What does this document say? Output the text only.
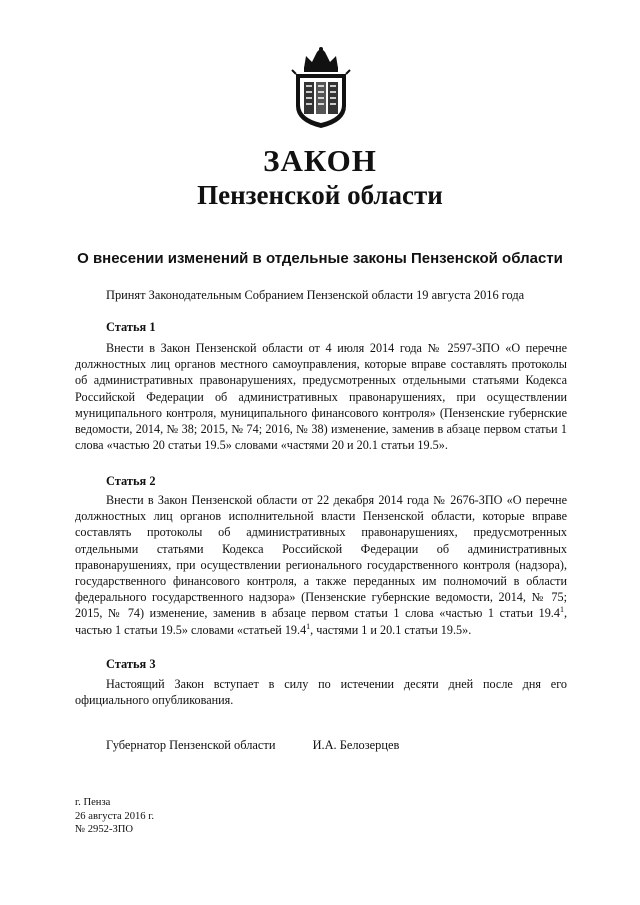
ЗАКОН
Пензенской области
О внесении изменений в отдельные законы Пензенской области
Принят Законодательным Собранием Пензенской области 19 августа 2016 года
Статья 1

Внести в Закон Пензенской области от 4 июля 2014 года № 2597-ЗПО «О перечне должностных лиц органов местного самоуправления, которые вправе составлять протоколы об административных правонарушениях, предусмотренных отдельными статьями Кодекса Российской Федерации об административных правонарушениях, при осуществлении муниципального контроля, муниципального финансового контроля» (Пензенские губернские ведомости, 2014, № 38; 2015, № 74; 2016, № 38) изменение, заменив в абзаце первом статьи 1 слова «частью 20 статьи 19.5» словами «частями 20 и 20.1 статьи 19.5».

Статья 2

Внести в Закон Пензенской области от 22 декабря 2014 года № 2676-ЗПО «О перечне должностных лиц органов исполнительной власти Пензенской области, которые вправе составлять протоколы об административных правонарушениях, предусмотренных отдельными статьями Кодекса Российской Федерации об административных правонарушениях, при осуществлении регионального государственного контроля (надзора), государственного финансового контроля, а также переданных им полномочий в области федерального государственного надзора» (Пензенские губернские ведомости, 2014, № 75; 2015, № 74) изменение, заменив в абзаце первом статьи 1 слова «частью 1 статьи 19.4$^1$, частью 1 статьи 19.5» словами «статьей 19.4$^1$, частями 1 и 20.1 статьи 19.5».

Статья 3

Настоящий Закон вступает в силу по истечении десяти дней после дня его официального опубликования.

Губернатор Пензенской области	И.А. Белозерцев
г. Пенза
26 августа 2016 г.
№ 2952-ЗПО
